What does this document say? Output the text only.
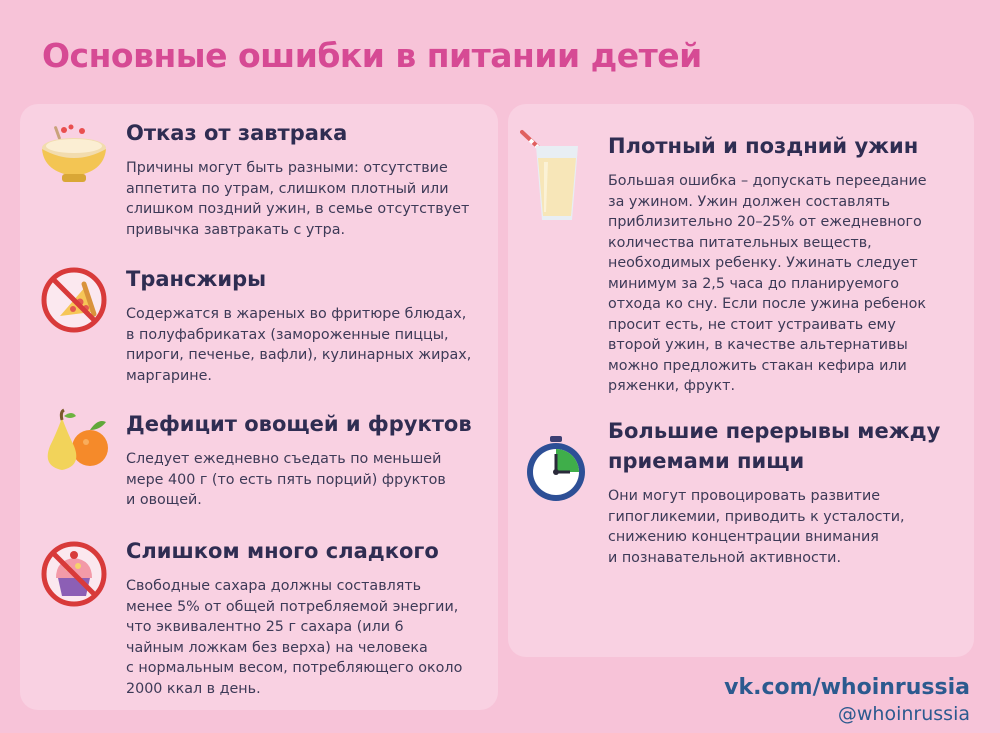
Основные ошибки в питании детей
Отказ от завтрака
Причины могут быть разными: отсутствие
аппетита по утрам, слишком плотный или
слишком поздний ужин, в семье отсутствует
привычка завтракать с утра.
Трансжиры
Содержатся в жареных во фритюре блюдах,
в полуфабрикатах (замороженные пиццы,
пироги, печенье, вафли), кулинарных жирах,
маргарине.
Дефицит овощей и фруктов
Следует ежедневно съедать по меньшей
мере 400 г (то есть пять порций) фруктов
и овощей.
Слишком много сладкого
Свободные сахара должны составлять
менее 5% от общей потребляемой энергии,
что эквивалентно 25 г сахара (или 6
чайным ложкам без верха) на человека
с нормальным весом, потребляющего около
2000 ккал в день.
Плотный и поздний ужин
Большая ошибка – допускать переедание
за ужином. Ужин должен составлять
приблизительно 20–25% от ежедневного
количества питательных веществ,
необходимых ребенку. Ужинать следует
минимум за 2,5 часа до планируемого
отхода ко сну. Если после ужина ребенок
просит есть, не стоит устраивать ему
второй ужин, в качестве альтернативы
можно предложить стакан кефира или
ряженки, фрукт.
Большие перерывы между
приемами пищи
Они могут провоцировать развитие
гипогликемии, приводить к усталости,
снижению концентрации внимания
и познавательной активности.
vk.com/whoinrussia
@whoinrussia
